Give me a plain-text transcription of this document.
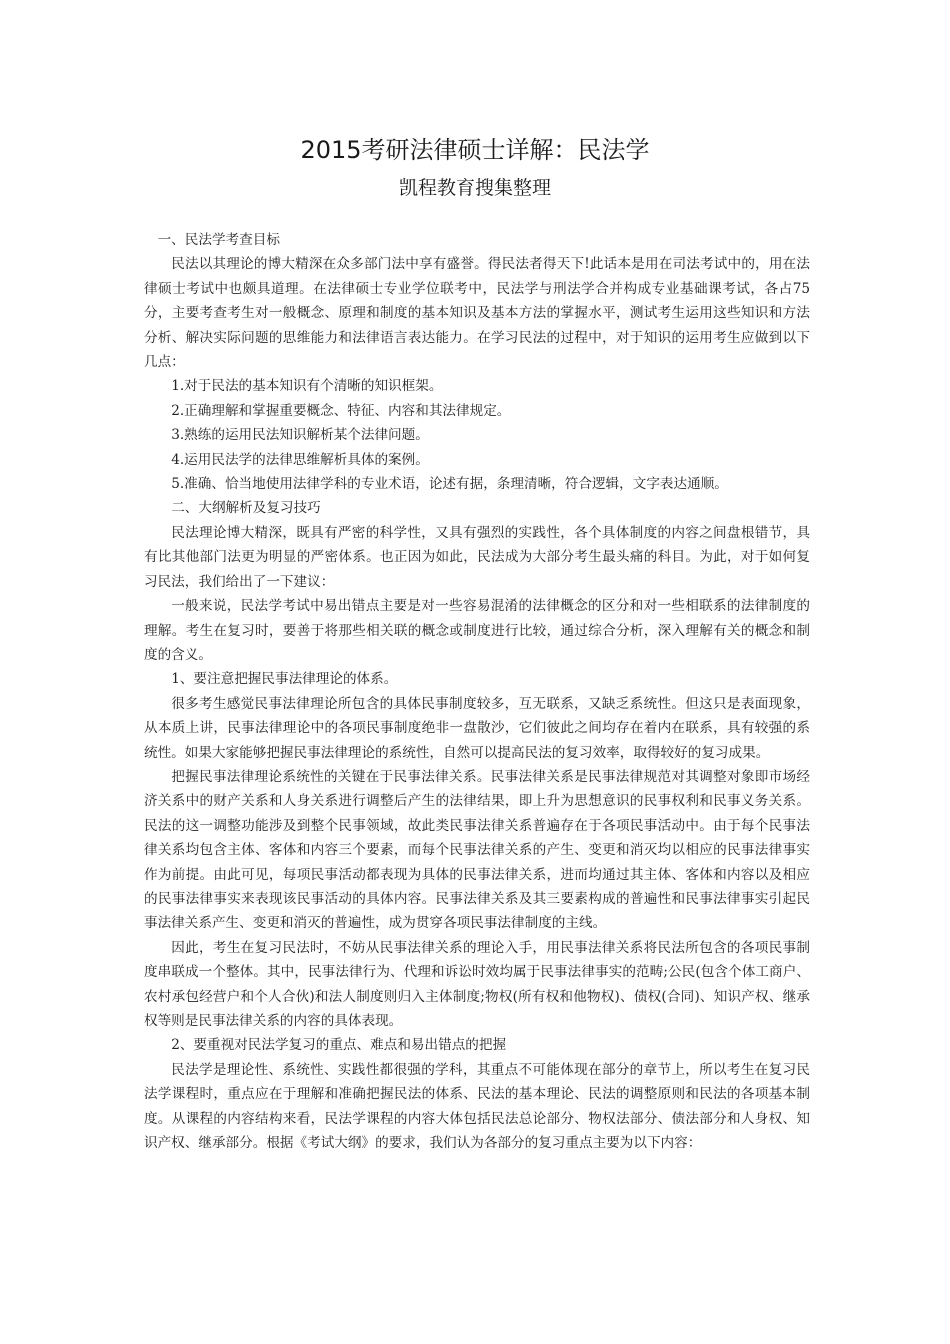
2015考研法律硕士详解：民法学
凯程教育搜集整理

一、民法学考查目标

民法以其理论的博大精深在众多部门法中享有盛誉。得民法者得天下!此话本是用在司法考试中的，用在法律硕士考试中也颇具道理。在法律硕士专业学位联考中，民法学与刑法学合并构成专业基础课考试，各占75分，主要考查考生对一般概念、原理和制度的基本知识及基本方法的掌握水平，测试考生运用这些知识和方法分析、解决实际问题的思维能力和法律语言表达能力。在学习民法的过程中，对于知识的运用考生应做到以下几点：

1.对于民法的基本知识有个清晰的知识框架。

2.正确理解和掌握重要概念、特征、内容和其法律规定。

3.熟练的运用民法知识解析某个法律问题。

4.运用民法学的法律思维解析具体的案例。

5.准确、恰当地使用法律学科的专业术语，论述有据，条理清晰，符合逻辑，文字表达通顺。

二、大纲解析及复习技巧

民法理论博大精深，既具有严密的科学性，又具有强烈的实践性，各个具体制度的内容之间盘根错节，具有比其他部门法更为明显的严密体系。也正因为如此，民法成为大部分考生最头痛的科目。为此，对于如何复习民法，我们给出了一下建议：

一般来说，民法学考试中易出错点主要是对一些容易混淆的法律概念的区分和对一些相联系的法律制度的理解。考生在复习时，要善于将那些相关联的概念或制度进行比较，通过综合分析，深入理解有关的概念和制度的含义。

1、要注意把握民事法律理论的体系。

很多考生感觉民事法律理论所包含的具体民事制度较多，互无联系，又缺乏系统性。但这只是表面现象，从本质上讲，民事法律理论中的各项民事制度绝非一盘散沙，它们彼此之间均存在着内在联系，具有较强的系统性。如果大家能够把握民事法律理论的系统性，自然可以提高民法的复习效率，取得较好的复习成果。

把握民事法律理论系统性的关键在于民事法律关系。民事法律关系是民事法律规范对其调整对象即市场经济关系中的财产关系和人身关系进行调整后产生的法律结果，即上升为思想意识的民事权利和民事义务关系。民法的这一调整功能涉及到整个民事领域，故此类民事法律关系普遍存在于各项民事活动中。由于每个民事法律关系均包含主体、客体和内容三个要素，而每个民事法律关系的产生、变更和消灭均以相应的民事法律事实作为前提。由此可见，每项民事活动都表现为具体的民事法律关系，进而均通过其主体、客体和内容以及相应的民事法律事实来表现该民事活动的具体内容。民事法律关系及其三要素构成的普遍性和民事法律事实引起民事法律关系产生、变更和消灭的普遍性，成为贯穿各项民事法律制度的主线。

因此，考生在复习民法时，不妨从民事法律关系的理论入手，用民事法律关系将民法所包含的各项民事制度串联成一个整体。其中，民事法律行为、代理和诉讼时效均属于民事法律事实的范畴;公民(包含个体工商户、农村承包经营户和个人合伙)和法人制度则归入主体制度;物权(所有权和他物权)、债权(合同)、知识产权、继承权等则是民事法律关系的内容的具体表现。

2、要重视对民法学复习的重点、难点和易出错点的把握

民法学是理论性、系统性、实践性都很强的学科，其重点不可能体现在部分的章节上，所以考生在复习民法学课程时，重点应在于理解和准确把握民法的体系、民法的基本理论、民法的调整原则和民法的各项基本制度。从课程的内容结构来看，民法学课程的内容大体包括民法总论部分、物权法部分、债法部分和人身权、知识产权、继承部分。根据《考试大纲》的要求，我们认为各部分的复习重点主要为以下内容：
